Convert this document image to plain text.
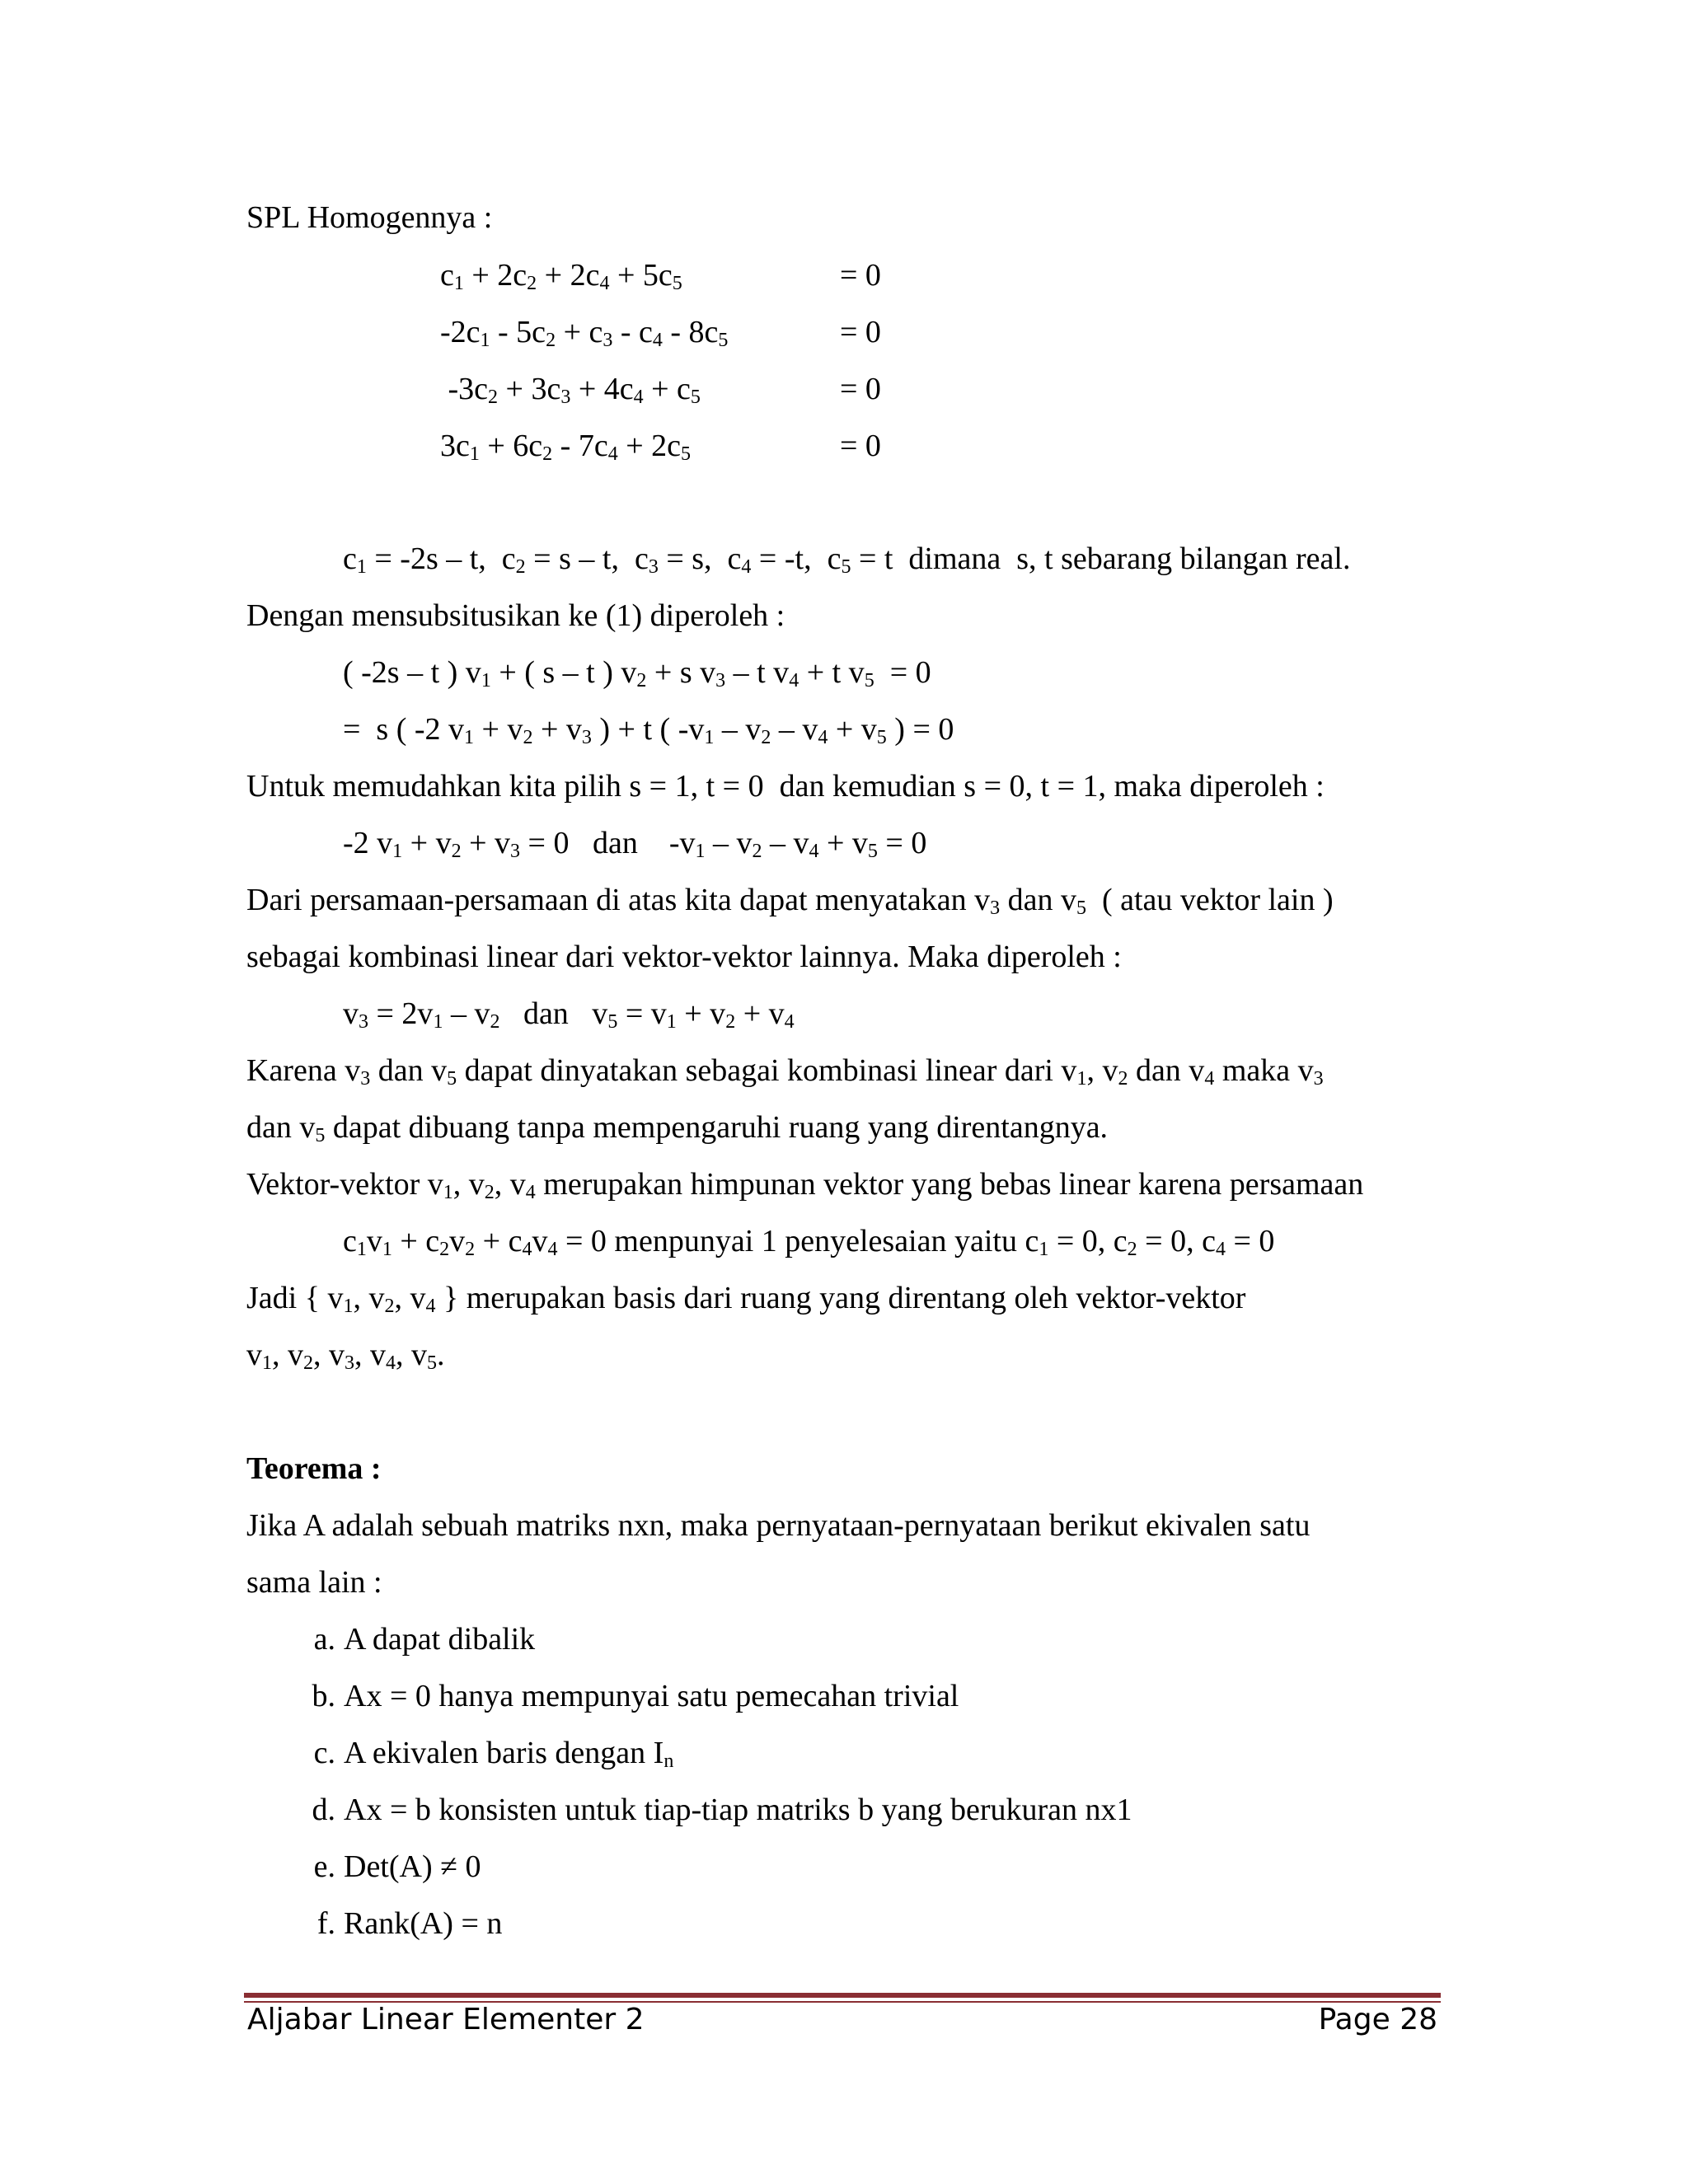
SPL Homogennya :
$c_1 + 2c_2 + 2c_4 + 5c_5$	= 0
$-2c_1 - 5c_2 + c_3 - c_4 - 8c_5$	= 0
$-3c_2 + 3c_3 + 4c_4 + c_5$	= 0
$3c_1 + 6c_2 - 7c_4 + 2c_5$	= 0
$c_1 = -2s - t$,  $c_2 = s - t$,  $c_3 = s$,  $c_4 = -t$,  $c_5 = t$  dimana  s, t sebarang bilangan real.
Dengan mensubsitusikan ke (1) diperoleh :
( -2s – t ) $v_1$ + ( s – t ) $v_2 + s$ $v_3$ – t $v_4 + t$ $v_5 = 0$
=  s ( -2 $v_1 + v_2 + v_3$ ) + t ( $-v_1 - v_2 - v_4 + v_5$ ) = 0
Untuk memudahkan kita pilih s = 1, t = 0  dan kemudian s = 0, t = 1, maka diperoleh :
-2 $v_1 + v_2 + v_3 = 0$   dan    $-v_1 - v_2 - v_4 + v_5 = 0$
Dari persamaan-persamaan di atas kita dapat menyatakan $v_3$ dan $v_5$  ( atau vektor lain )
sebagai kombinasi linear dari vektor-vektor lainnya. Maka diperoleh :
$v_3 = 2v_1 - v_2$   dan   $v_5 = v_1 + v_2 + v_4$
Karena $v_3$ dan $v_5$ dapat dinyatakan sebagai kombinasi linear dari $v_1$, $v_2$ dan $v_4$ maka $v_3$
dan $v_5$ dapat dibuang tanpa mempengaruhi ruang yang direntangnya.
Vektor-vektor $v_1$, $v_2$, $v_4$ merupakan himpunan vektor yang bebas linear karena persamaan
$c_1v_1 + c_2v_2 + c_4v_4 = 0$ menpunyai 1 penyelesaian yaitu $c_1 = 0$, $c_2 = 0$, $c_4 = 0$
Jadi { $v_1$, $v_2$, $v_4$ } merupakan basis dari ruang yang direntang oleh vektor-vektor
$v_1$, $v_2$, $v_3$, $v_4$, $v_5$.
Teorema :
Jika A adalah sebuah matriks nxn, maka pernyataan-pernyataan berikut ekivalen satu
sama lain :
a. A dapat dibalik
b. Ax = 0 hanya mempunyai satu pemecahan trivial
c. A ekivalen baris dengan $I_n$
d. Ax = b konsisten untuk tiap-tiap matriks b yang berukuran nx1
e. Det(A) ≠ 0
f. Rank(A) = n
Aljabar Linear Elementer 2	Page 28
